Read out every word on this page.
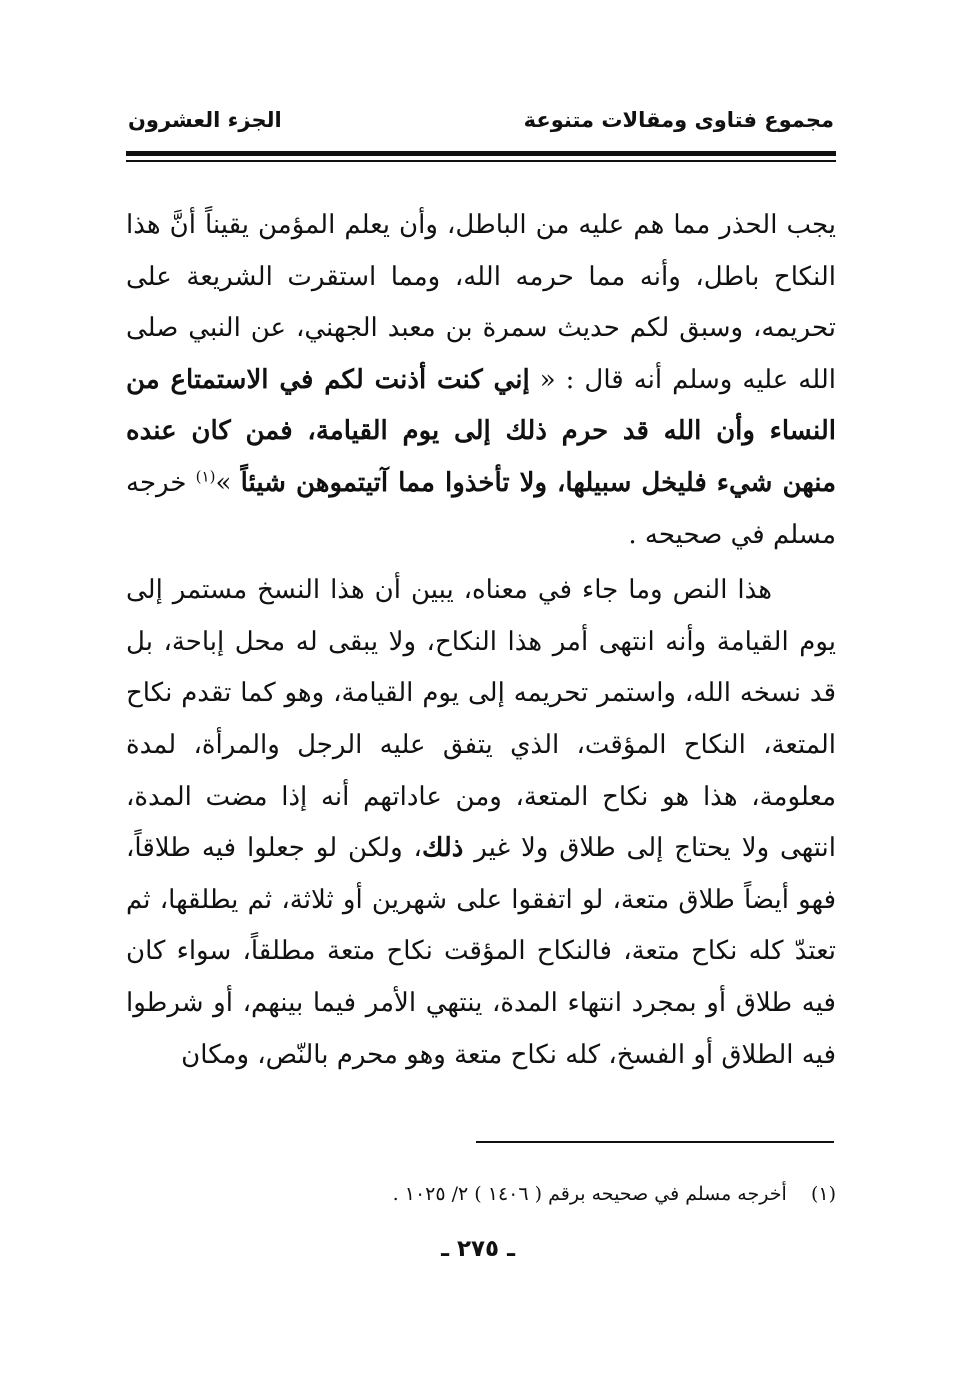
مجموع فتاوى ومقالات متنوعة
الجزء العشرون

يجب الحذر مما هم عليه من الباطل، وأن يعلم المؤمن يقيناً أنَّ هذا النكاح باطل، وأنه مما حرمه الله، ومما استقرت الشريعة على تحريمه، وسبق لكم حديث سمرة بن معبد الجهني، عن النبي صلى الله عليه وسلم أنه قال : « إني كنت أذنت لكم في الاستمتاع من النساء وأن الله قد حرم ذلك إلى يوم القيامة، فمن كان عنده منهن شيء فليخل سبيلها، ولا تأخذوا مما آتيتموهن شيئاً »$^{(١)}$ خرجه مسلم في صحيحه .

هذا النص وما جاء في معناه، يبين أن هذا النسخ مستمر إلى يوم القيامة وأنه انتهى أمر هذا النكاح، ولا يبقى له محل إباحة، بل قد نسخه الله، واستمر تحريمه إلى يوم القيامة، وهو كما تقدم نكاح المتعة، النكاح المؤقت، الذي يتفق عليه الرجل والمرأة، لمدة معلومة، هذا هو نكاح المتعة، ومن عاداتهم أنه إذا مضت المدة، انتهى ولا يحتاج إلى طلاق ولا غير ذلك، ولكن لو جعلوا فيه طلاقاً، فهو أيضاً طلاق متعة، لو اتفقوا على شهرين أو ثلاثة، ثم يطلقها، ثم تعتدّ كله نكاح متعة، فالنكاح المؤقت نكاح متعة مطلقاً، سواء كان فيه طلاق أو بمجرد انتهاء المدة، ينتهي الأمر فيما بينهم، أو شرطوا فيه الطلاق أو الفسخ، كله نكاح متعة وهو محرم بالنّص، ومكان

(١)    أخرجه مسلم في صحيحه برقم ( ١٤٠٦ ) ٢/ ١٠٢٥ .
ـ ٢٧٥ ـ
